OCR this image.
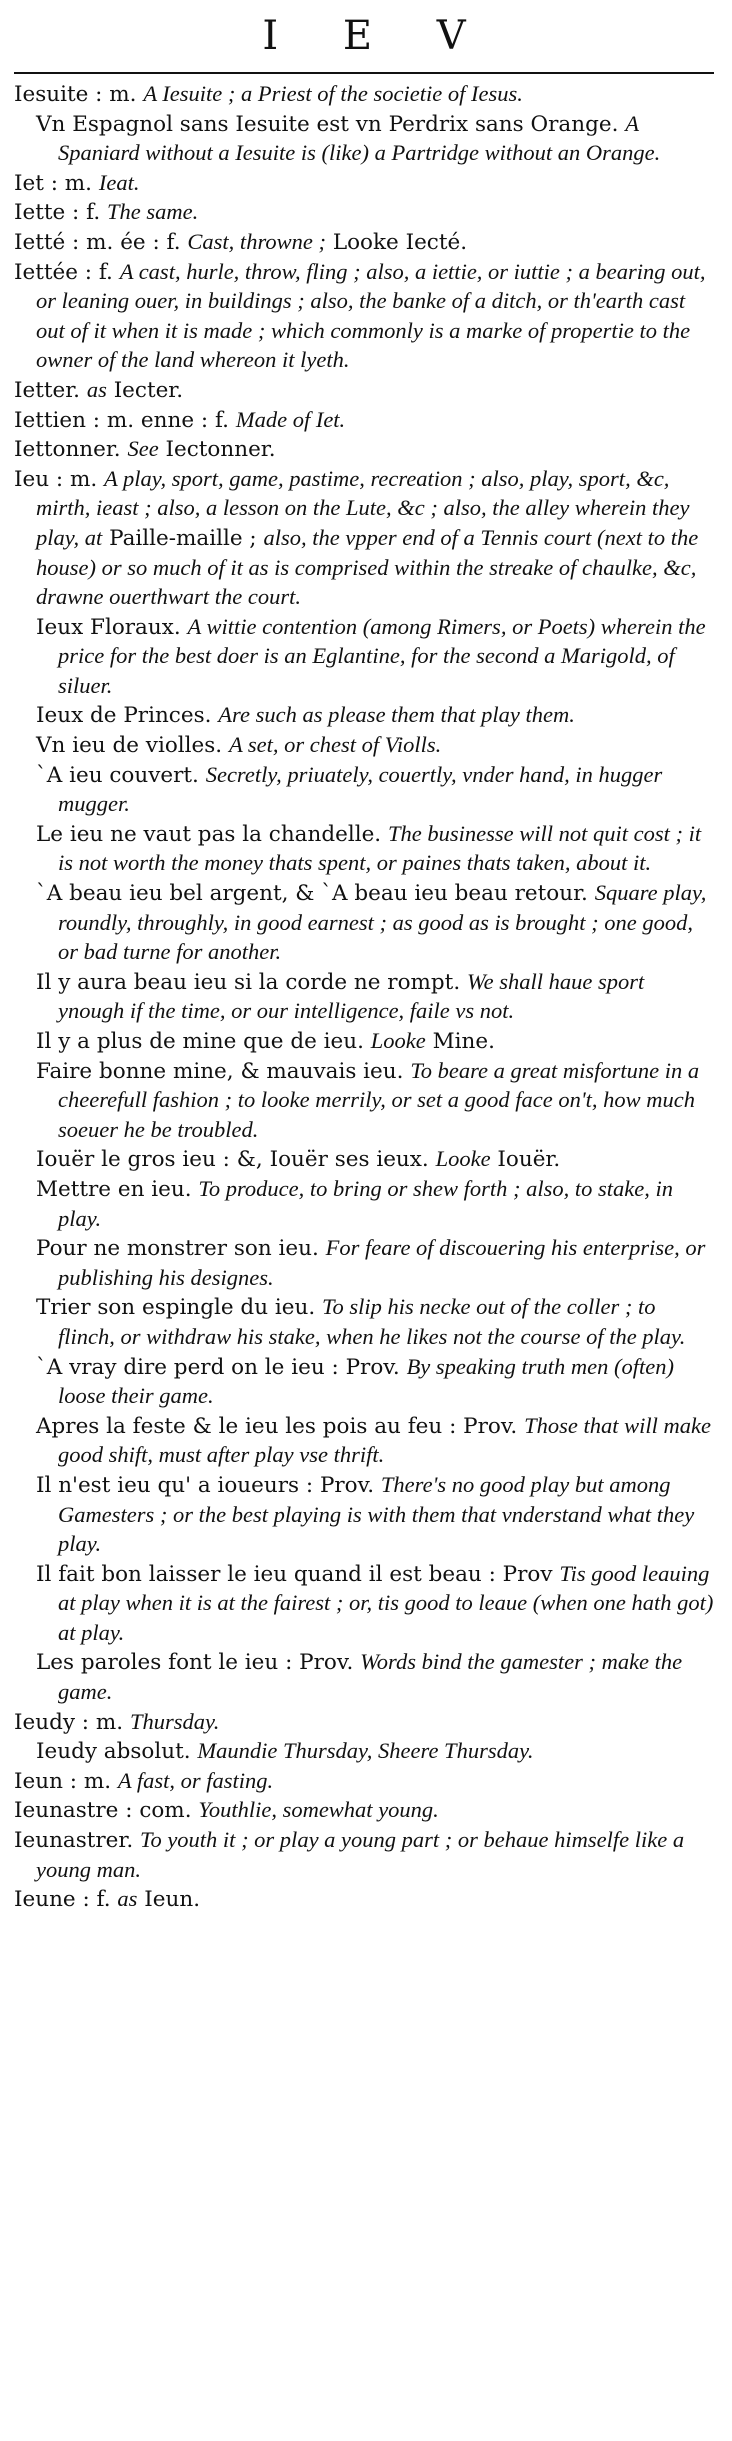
I E V

Iesuite : m. A Iesuite ; a Priest of the societie of Iesus.

Vn Espagnol sans Iesuite est vn Perdrix sans Orange. A Spaniard without a Iesuite is (like) a Partridge without an Orange.

Iet : m. Ieat.

Iette : f. The same.

Ietté : m. ée : f. Cast, throwne ; Looke Iecté.

Iettée : f. A cast, hurle, throw, fling ; also, a iettie, or iuttie ; a bearing out, or leaning ouer, in buildings ; also, the banke of a ditch, or th'earth cast out of it when it is made ; which commonly is a marke of propertie to the owner of the land whereon it lyeth.

Ietter. as Iecter.

Iettien : m. enne : f. Made of Iet.

Iettonner. See Iectonner.

Ieu : m. A play, sport, game, pastime, recreation ; also, play, sport, &c, mirth, ieast ; also, a lesson on the Lute, &c ; also, the alley wherein they play, at Paille-maille ; also, the vpper end of a Tennis court (next to the house) or so much of it as is comprised within the streake of chaulke, &c, drawne ouerthwart the court.

Ieux Floraux. A wittie contention (among Rimers, or Poets) wherein the price for the best doer is an Eglantine, for the second a Marigold, of siluer.

Ieux de Princes. Are such as please them that play them.

Vn ieu de violles. A set, or chest of Violls.

`A ieu couvert. Secretly, priuately, couertly, vnder hand, in hugger mugger.

Le ieu ne vaut pas la chandelle. The businesse will not quit cost ; it is not worth the money thats spent, or paines thats taken, about it.

`A beau ieu bel argent, & `A beau ieu beau retour. Square play, roundly, throughly, in good earnest ; as good as is brought ; one good, or bad turne for another.

Il y aura beau ieu si la corde ne rompt. We shall haue sport ynough if the time, or our intelligence, faile vs not.

Il y a plus de mine que de ieu. Looke Mine.

Faire bonne mine, & mauvais ieu. To beare a great misfortune in a cheerefull fashion ; to looke merrily, or set a good face on't, how much soeuer he be troubled.

Iouër le gros ieu : &, Iouër ses ieux. Looke Iouër.

Mettre en ieu. To produce, to bring or shew forth ; also, to stake, in play.

Pour ne monstrer son ieu. For feare of discouering his enterprise, or publishing his designes.

Trier son espingle du ieu. To slip his necke out of the coller ; to flinch, or withdraw his stake, when he likes not the course of the play.

`A vray dire perd on le ieu : Prov. By speaking truth men (often) loose their game.

Apres la feste & le ieu les pois au feu : Prov. Those that will make good shift, must after play vse thrift.

Il n'est ieu qu' a ioueurs : Prov. There's no good play but among Gamesters ; or the best playing is with them that vnderstand what they play.

Il fait bon laisser le ieu quand il est beau : Prov Tis good leauing at play when it is at the fairest ; or, tis good to leaue (when one hath got) at play.

Les paroles font le ieu : Prov. Words bind the gamester ; make the game.

Ieudy : m. Thursday.

Ieudy absolut. Maundie Thursday, Sheere Thursday.

Ieun : m. A fast, or fasting.

Ieunastre : com. Youthlie, somewhat young.

Ieunastrer. To youth it ; or play a young part ; or behaue himselfe like a young man.

Ieune : f. as Ieun.
